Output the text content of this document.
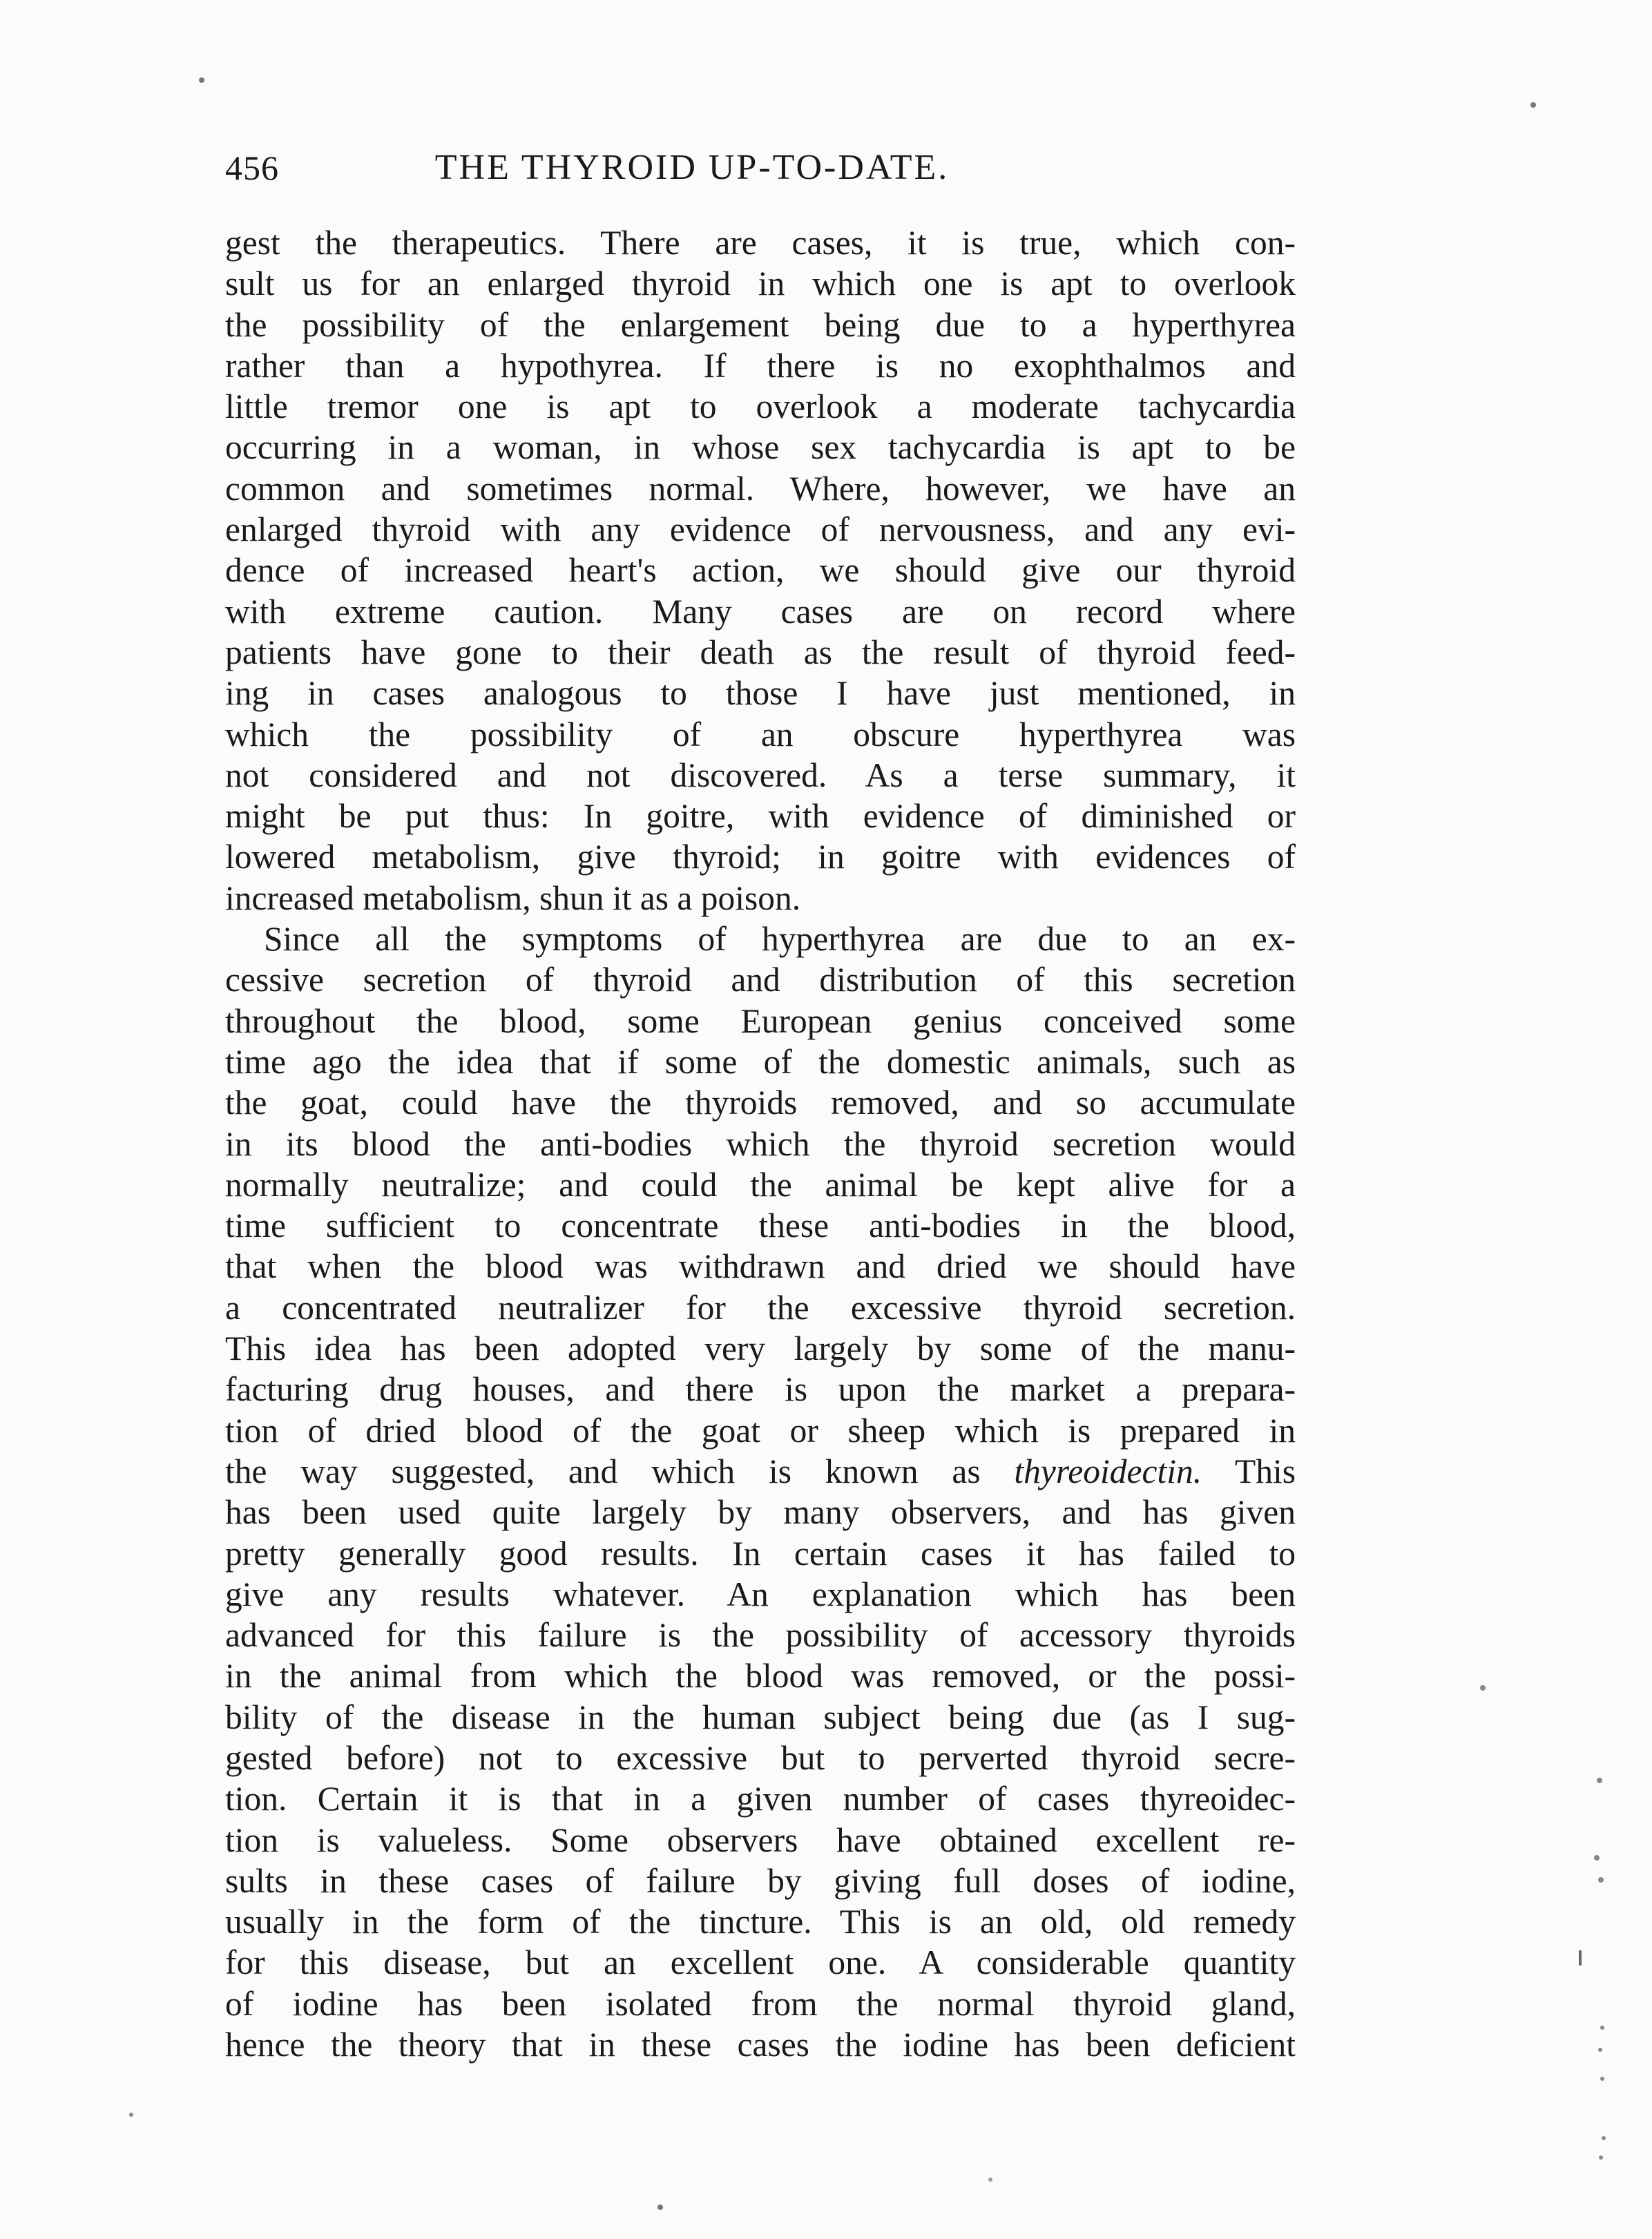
456	THE THYROID UP-TO-DATE.
gest the therapeutics. There are cases, it is true, which con-
sult us for an enlarged thyroid in which one is apt to overlook
the possibility of the enlargement being due to a hyperthyrea
rather than a hypothyrea. If there is no exophthalmos and
little tremor one is apt to overlook a moderate tachycardia
occurring in a woman, in whose sex tachycardia is apt to be
common and sometimes normal. Where, however, we have an
enlarged thyroid with any evidence of nervousness, and any evi-
dence of increased heart's action, we should give our thyroid
with extreme caution. Many cases are on record where
patients have gone to their death as the result of thyroid feed-
ing in cases analogous to those I have just mentioned, in
which the possibility of an obscure hyperthyrea was
not considered and not discovered. As a terse summary, it
might be put thus: In goitre, with evidence of diminished or
lowered metabolism, give thyroid; in goitre with evidences of
increased metabolism, shun it as a poison.
Since all the symptoms of hyperthyrea are due to an ex-
cessive secretion of thyroid and distribution of this secretion
throughout the blood, some European genius conceived some
time ago the idea that if some of the domestic animals, such as
the goat, could have the thyroids removed, and so accumulate
in its blood the anti-bodies which the thyroid secretion would
normally neutralize; and could the animal be kept alive for a
time sufficient to concentrate these anti-bodies in the blood,
that when the blood was withdrawn and dried we should have
a concentrated neutralizer for the excessive thyroid secretion.
This idea has been adopted very largely by some of the manu-
facturing drug houses, and there is upon the market a prepara-
tion of dried blood of the goat or sheep which is prepared in
the way suggested, and which is known as thyreoidectin. This
has been used quite largely by many observers, and has given
pretty generally good results. In certain cases it has failed to
give any results whatever. An explanation which has been
advanced for this failure is the possibility of accessory thyroids
in the animal from which the blood was removed, or the possi-
bility of the disease in the human subject being due (as I sug-
gested before) not to excessive but to perverted thyroid secre-
tion. Certain it is that in a given number of cases thyreoidec-
tion is valueless. Some observers have obtained excellent re-
sults in these cases of failure by giving full doses of iodine,
usually in the form of the tincture. This is an old, old remedy
for this disease, but an excellent one. A considerable quantity
of iodine has been isolated from the normal thyroid gland,
hence the theory that in these cases the iodine has been deficient
